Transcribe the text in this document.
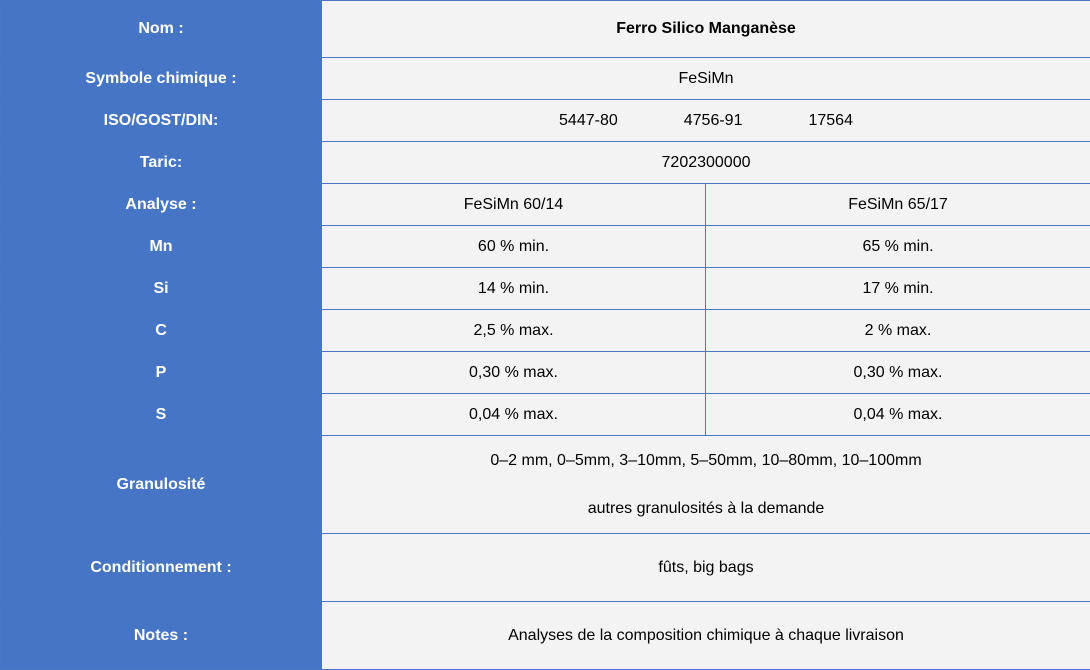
Nom :	Ferro Silico Manganèse	
Symbole chimique :	FeSiMn	
ISO/GOST/DIN:	5447-80 4756-91 17564	
Taric:	7202300000	
Analyse :	FeSiMn 60/14	FeSiMn 65/17
Mn	60 % min.	65 % min.
Si	14 % min.	17 % min.
C	2,5 % max.	2 % max.
P	0,30 % max.	0,30 % max.
S	0,04 % max.	0,04 % max.
Granulosité	0–2 mm, 0–5mm, 3–10mm, 5–50mm, 10–80mm, 10–100mm
autres granulosités à la demande	

Conditionnement :	fûts, big bags	
Notes :	Analyses de la composition chimique à chaque livraison	
